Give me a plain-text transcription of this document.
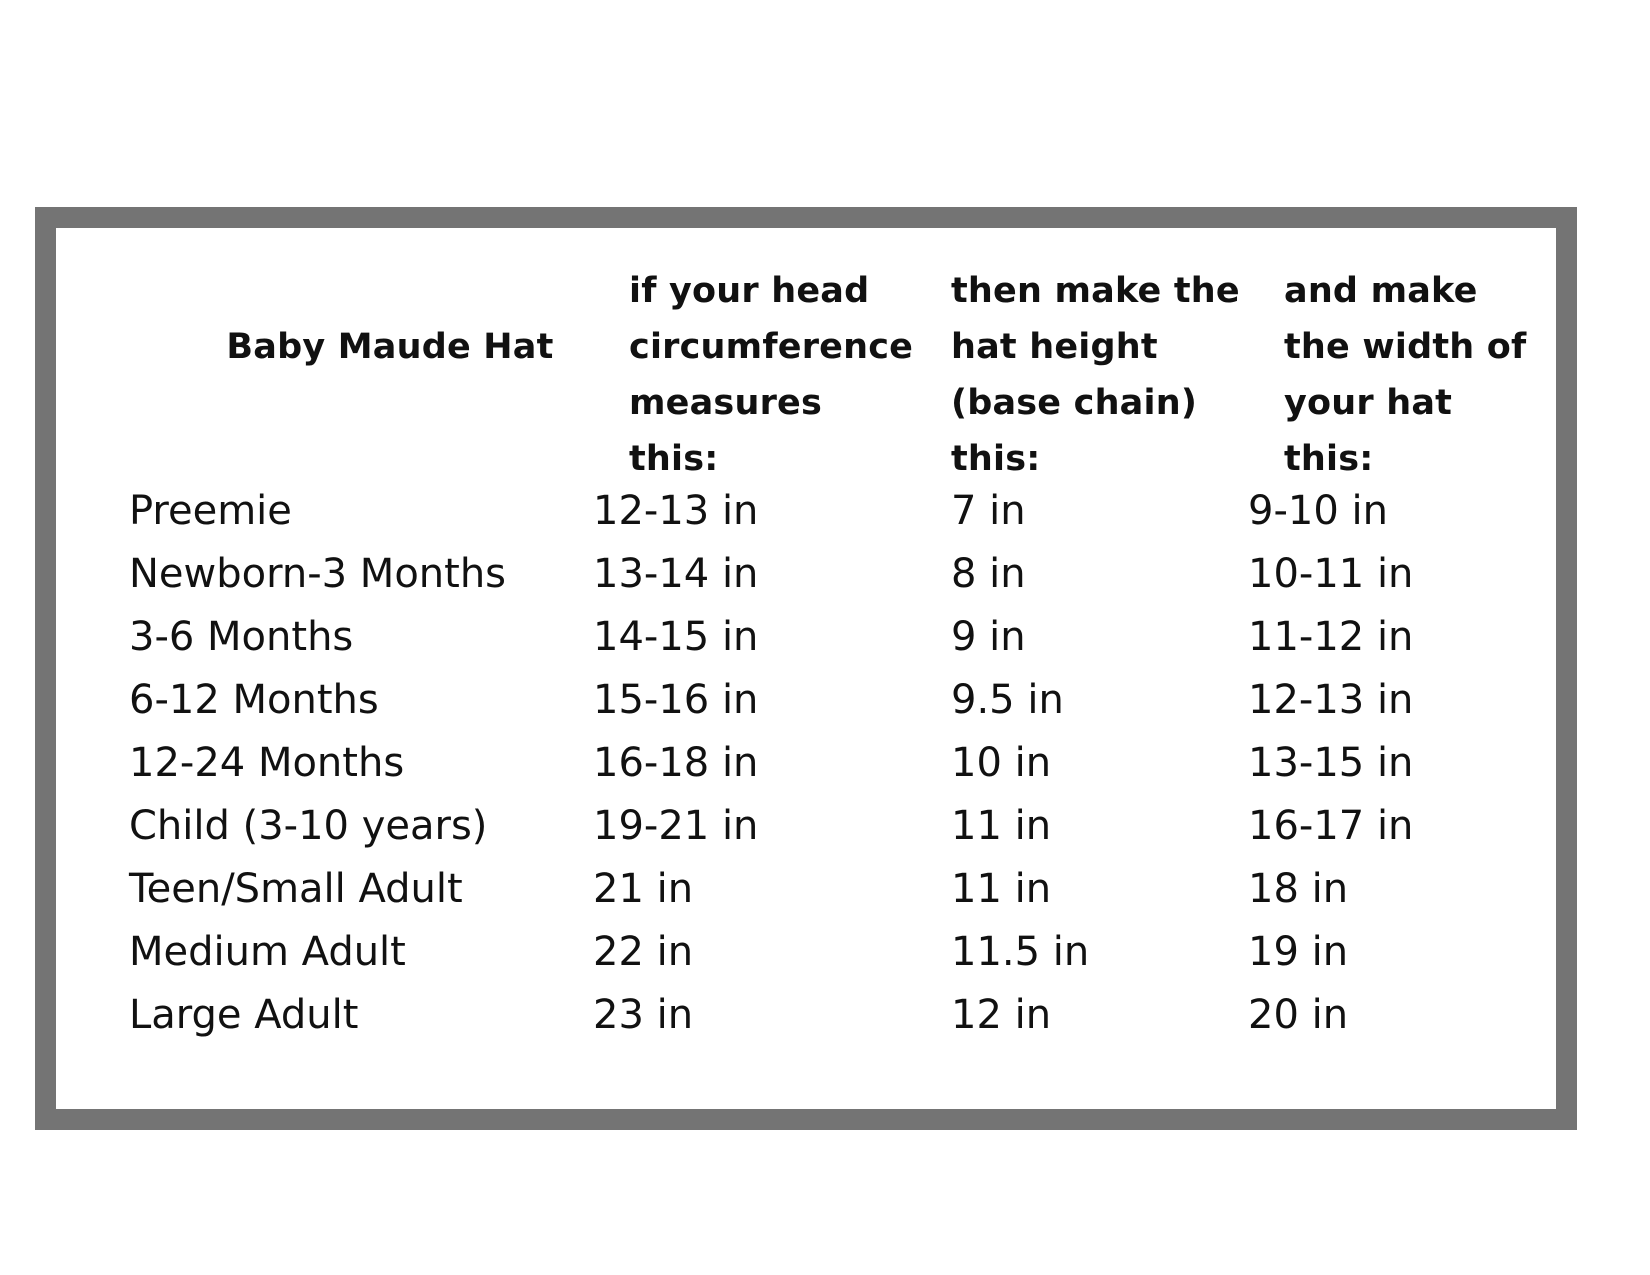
Baby Maude Hat
if your head circumference measures this:
then make the hat height (base chain) this:
and make the width of your hat this:
Preemie	12-13 in	7 in	9-10 in
Newborn-3 Months 13-14 in	8 in	10-11 in
3-6 Months	14-15 in	9 in	11-12 in
6-12 Months	15-16 in	9.5 in	12-13 in
12-24 Months	16-18 in	10 in	13-15 in
Child (3-10 years)	19-21 in	11 in	16-17 in
Teen/Small Adult	21 in	11 in	18 in
Medium Adult	22 in	11.5 in	19 in
Large Adult	23 in	12 in	20 in
